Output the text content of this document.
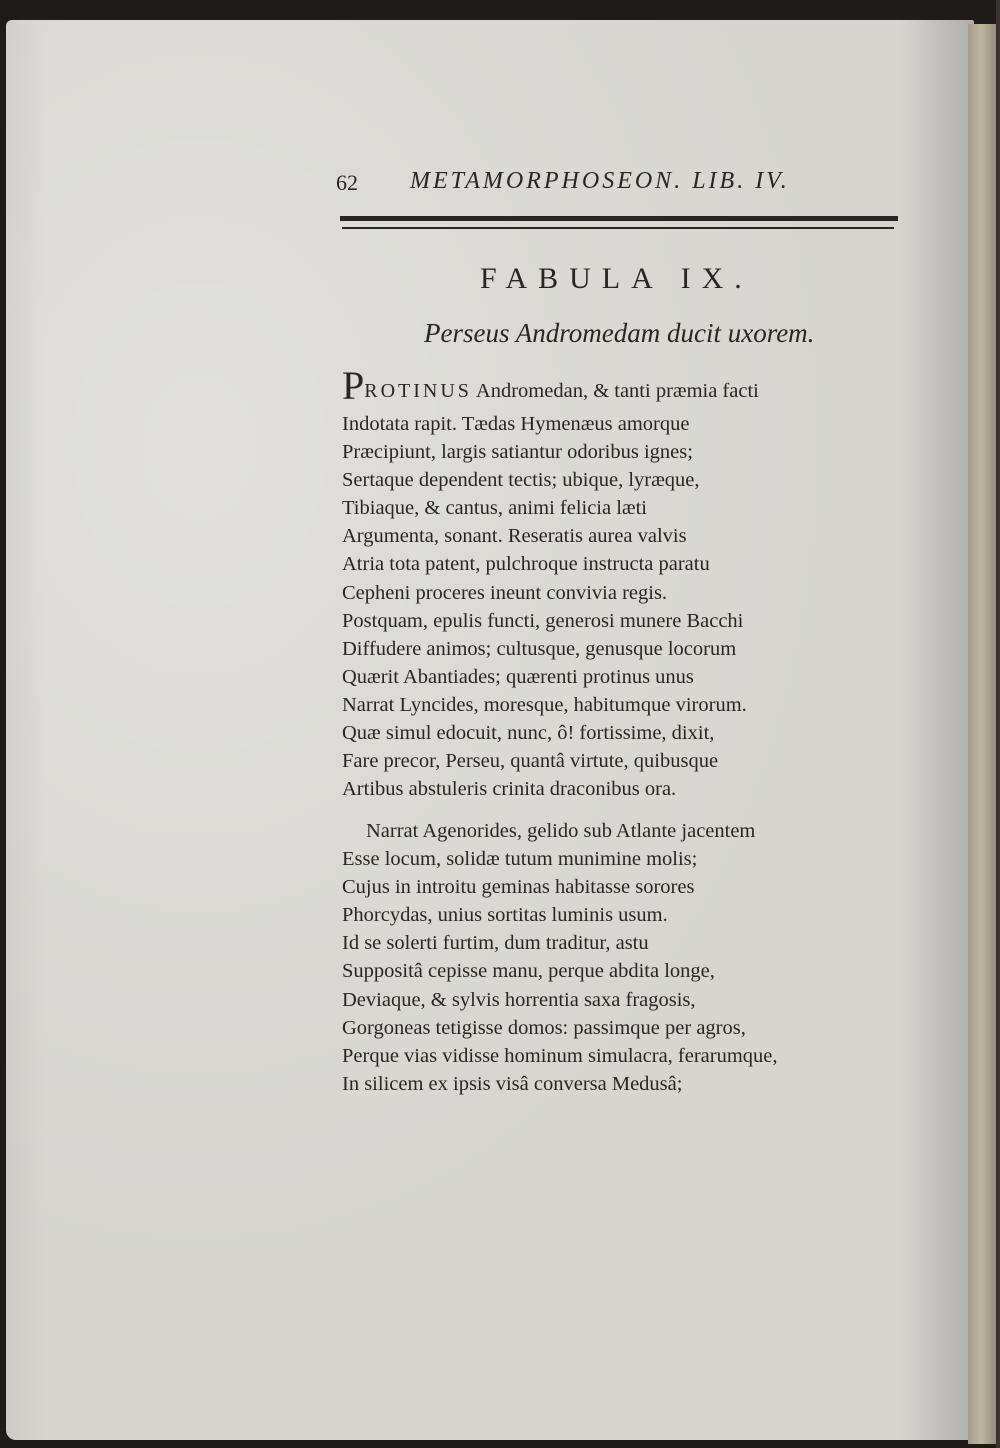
62 METAMORPHOSEON. LIB. IV.
FABULA IX.
Perseus Andromedam ducit uxorem.
PROTINUS Andromedan, & tanti præmia facti
Indotata rapit. Tædas Hymenæus amorque
Præcipiunt, largis satiantur odoribus ignes;
Sertaque dependent tectis; ubique, lyræque,
Tibiaque, & cantus, animi felicia læti
Argumenta, sonant. Reseratis aurea valvis
Atria tota patent, pulchroque instructa paratu
Cepheni proceres ineunt convivia regis.
Postquam, epulis functi, generosi munere Bacchi
Diffudere animos; cultusque, genusque locorum
Quærit Abantiades; quærenti protinus unus
Narrat Lyncides, moresque, habitumque virorum.
Quæ simul edocuit, nunc, ô! fortissime, dixit,
Fare precor, Perseu, quantâ virtute, quibusque
Artibus abstuleris crinita draconibus ora.
Narrat Agenorides, gelido sub Atlante jacentem
Esse locum, solidæ tutum munimine molis;
Cujus in introitu geminas habitasse sorores
Phorcydas, unius sortitas luminis usum.
Id se solerti furtim, dum traditur, astu
Suppositâ cepisse manu, perque abdita longe,
Deviaque, & sylvis horrentia saxa fragosis,
Gorgoneas tetigisse domos: passimque per agros,
Perque vias vidisse hominum simulacra, ferarumque,
In silicem ex ipsis visâ conversa Medusâ;
